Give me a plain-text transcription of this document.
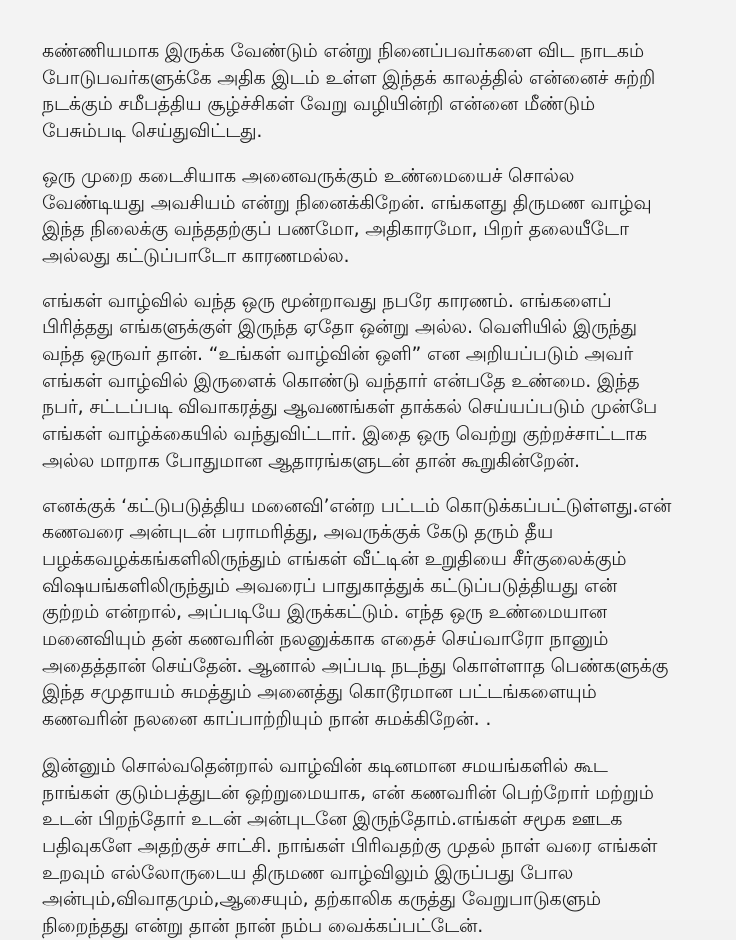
கண்ணியமாக இருக்க வேண்டும் என்று நினைப்பவர்களை விட நாடகம்
போடுபவர்களுக்கே அதிக இடம் உள்ள இந்தக் காலத்தில் என்னைச் சுற்றி
நடக்கும் சமீபத்திய சூழ்ச்சிகள் வேறு வழியின்றி என்னை மீண்டும்
பேசும்படி செய்துவிட்டது.

ஒரு முறை கடைசியாக அனைவருக்கும் உண்மையைச் சொல்ல
வேண்டியது அவசியம் என்று நினைக்கிறேன். எங்களது திருமண வாழ்வு
இந்த நிலைக்கு வந்ததற்குப் பணமோ, அதிகாரமோ, பிறர் தலையீடோ
அல்லது கட்டுப்பாடோ காரணமல்ல.

எங்கள் வாழ்வில் வந்த ஒரு மூன்றாவது நபரே காரணம். எங்களைப்
பிரித்தது எங்களுக்குள் இருந்த ஏதோ ஒன்று அல்ல. வெளியில் இருந்து
வந்த ஒருவர் தான். “உங்கள் வாழ்வின் ஒளி” என அறியப்படும் அவர்
எங்கள் வாழ்வில் இருளைக் கொண்டு வந்தார் என்பதே உண்மை. இந்த
நபர், சட்டப்படி விவாகரத்து ஆவணங்கள் தாக்கல் செய்யப்படும் முன்பே
எங்கள் வாழ்க்கையில் வந்துவிட்டார். இதை ஒரு வெற்று குற்றச்சாட்டாக
அல்ல மாறாக போதுமான ஆதாரங்களுடன் தான் கூறுகின்றேன்.

எனக்குக் ‘கட்டுபடுத்திய மனைவி’என்ற பட்டம் கொடுக்கப்பட்டுள்ளது.என்
கணவரை அன்புடன் பராமரித்து, அவருக்குக் கேடு தரும் தீய
பழக்கவழக்கங்களிலிருந்தும் எங்கள் வீட்டின் உறுதியை சீர்குலைக்கும்
விஷயங்களிலிருந்தும் அவரைப் பாதுகாத்துக் கட்டுப்படுத்தியது என்
குற்றம் என்றால், அப்படியே இருக்கட்டும். எந்த ஒரு உண்மையான
மனைவியும் தன் கணவரின் நலனுக்காக எதைச் செய்வாரோ நானும்
அதைத்தான் செய்தேன். ஆனால் அப்படி நடந்து கொள்ளாத பெண்களுக்கு
இந்த சமுதாயம் சுமத்தும் அனைத்து கொடூரமான பட்டங்களையும்
கணவரின் நலனை காப்பாற்றியும் நான் சுமக்கிறேன். .

இன்னும் சொல்வதென்றால் வாழ்வின் கடினமான சமயங்களில் கூட
நாங்கள் குடும்பத்துடன் ஒற்றுமையாக, என் கணவரின் பெற்றோர் மற்றும்
உடன் பிறந்தோர் உடன் அன்புடனே இருந்தோம்.எங்கள் சமூக ஊடக
பதிவுகளே அதற்குச் சாட்சி. நாங்கள் பிரிவதற்கு முதல் நாள் வரை எங்கள்
உறவும் எல்லோருடைய திருமண வாழ்விலும் இருப்பது போல
அன்பும்,விவாதமும்,ஆசையும், தற்காலிக கருத்து வேறுபாடுகளும்
நிறைந்தது என்று தான் நான் நம்ப வைக்கப்பட்டேன்.
